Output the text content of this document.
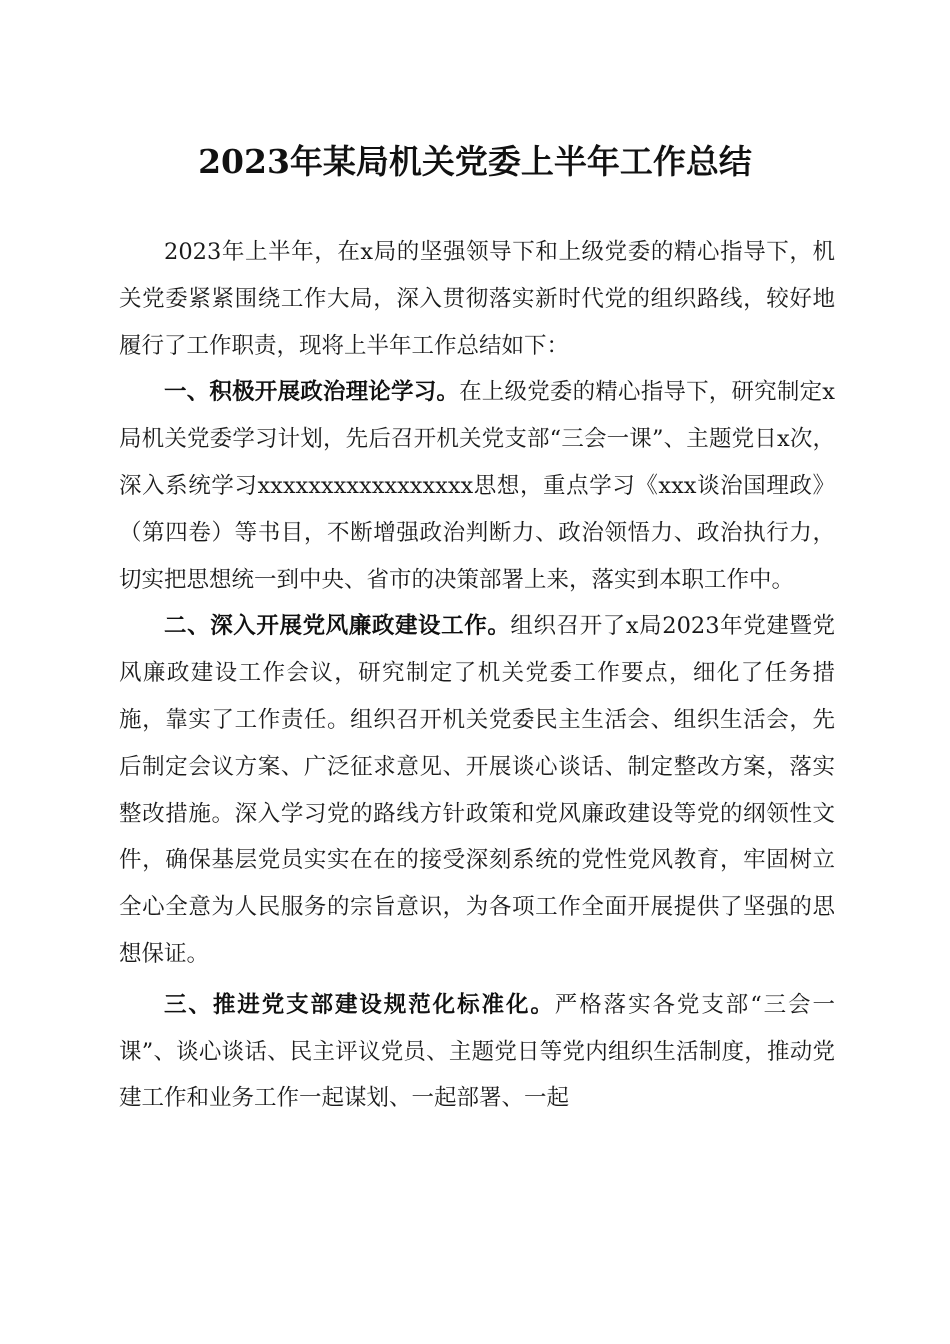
2023年某局机关党委上半年工作总结

2023年上半年，在x局的坚强领导下和上级党委的精心指导下，机关党委紧紧围绕工作大局，深入贯彻落实新时代党的组织路线，较好地履行了工作职责，现将上半年工作总结如下：

一、积极开展政治理论学习。在上级党委的精心指导下，研究制定x局机关党委学习计划，先后召开机关党支部“三会一课”、主题党日x次，深入系统学习xxxxxxxxxxxxxxxxx思想，重点学习《xxx谈治国理政》（第四卷）等书目，不断增强政治判断力、政治领悟力、政治执行力，切实把思想统一到中央、省市的决策部署上来，落实到本职工作中。

二、深入开展党风廉政建设工作。组织召开了x局2023年党建暨党风廉政建设工作会议，研究制定了机关党委工作要点，细化了任务措施，靠实了工作责任。组织召开机关党委民主生活会、组织生活会，先后制定会议方案、广泛征求意见、开展谈心谈话、制定整改方案，落实整改措施。深入学习党的路线方针政策和党风廉政建设等党的纲领性文件，确保基层党员实实在在的接受深刻系统的党性党风教育，牢固树立全心全意为人民服务的宗旨意识，为各项工作全面开展提供了坚强的思想保证。

三、推进党支部建设规范化标准化。严格落实各党支部“三会一课”、谈心谈话、民主评议党员、主题党日等党内组织生活制度，推动党建工作和业务工作一起谋划、一起部署、一起
